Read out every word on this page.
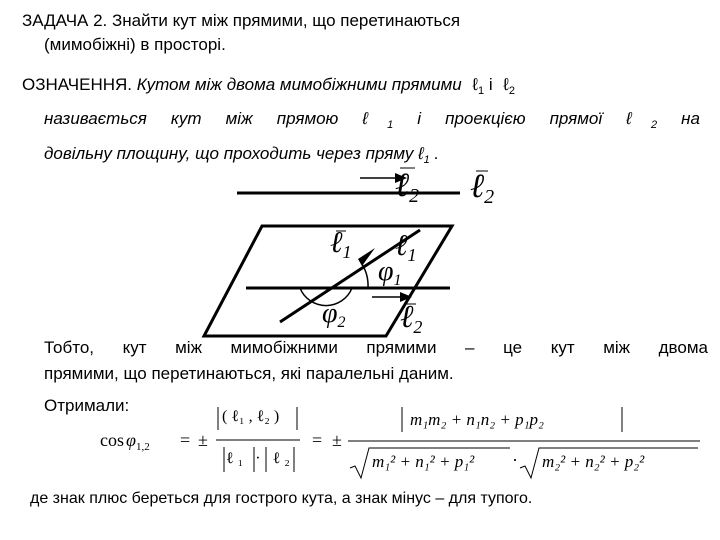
ЗАДАЧА 2. Знайти кут між прямими, що перетинаються
(мимобіжні) в просторі.
ОЗНАЧЕННЯ. Кутом між двома мимобіжними прямими ℓ$_1$ і ℓ$_2$
називається кут між прямою ℓ$_1$ і проекцією прямої ℓ$_2$ на
довільну площину, що проходить через пряму ℓ$_1$ .
ℓ2 ℓ2
ℓ$_1$ ℓ$_1$
φ1
φ2 ℓ2
Тобто, кут між мимобіжними прямими – це кут між двома
прямими, що перетинаються, які паралельні даним.
Отримали:
$\cos \varphi_{1,2}$ = ±
( ℓ₁ , ℓ₂ )
ℓ₁ · ℓ₂
= ±
m₁m₂ + n₁n₂ + p₁p₂
m₁² + n₁² + p₁² · m₂² + n₂² + p₂²
де знак плюс береться для гострого кута, а знак мінус – для тупого.
